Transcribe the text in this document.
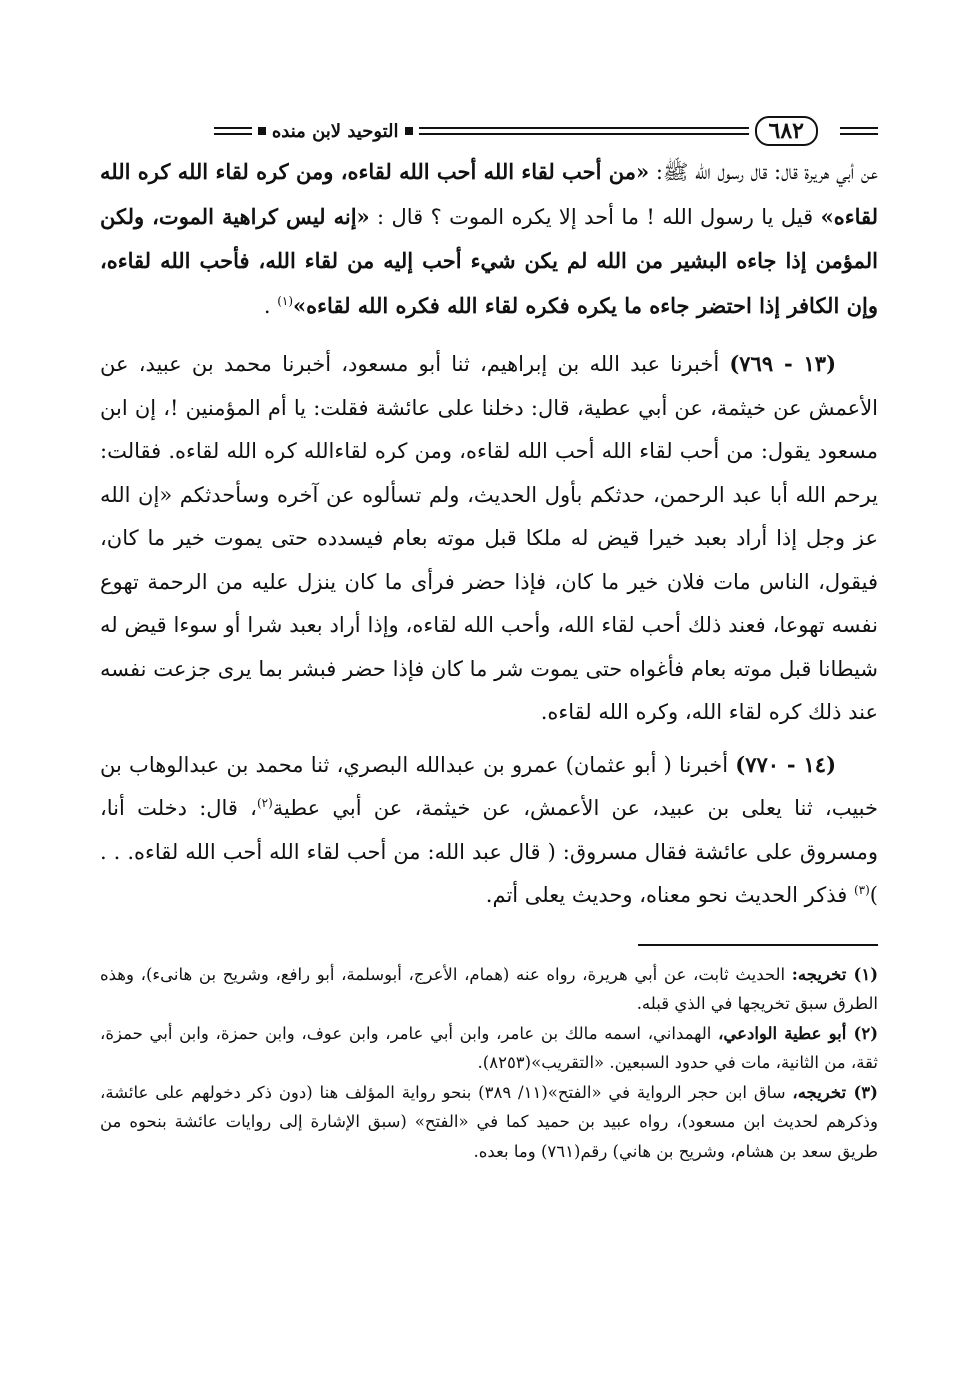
٦٨٢
التوحيد لابن منده

عن أبي هريرة قال: قال رسول الله ﷺ: «من أحب لقاء الله أحب الله لقاءه، ومن كره لقاء الله كره الله لقاءه» قيل يا رسول الله ! ما أحد إلا يكره الموت ؟ قال : «إنه ليس كراهية الموت، ولكن المؤمن إذا جاءه البشير من الله لم يكن شيء أحب إليه من لقاء الله، فأحب الله لقاءه، وإن الكافر إذا احتضر جاءه ما يكره فكره لقاء الله فكره الله لقاءه»$^{(١)}$ .

(١٣ - ٧٦٩) أخبرنا عبد الله بن إبراهيم، ثنا أبو مسعود، أخبرنا محمد بن عبيد، عن الأعمش عن خيثمة، عن أبي عطية، قال: دخلنا على عائشة فقلت: يا أم المؤمنين !، إن ابن مسعود يقول: من أحب لقاء الله أحب الله لقاءه، ومن كره لقاءالله كره الله لقاءه. فقالت: يرحم الله أبا عبد الرحمن، حدثكم بأول الحديث، ولم تسألوه عن آخره وسأحدثكم «إن الله عز وجل إذا أراد بعبد خيرا قيض له ملكا قبل موته بعام فيسدده حتى يموت خير ما كان، فيقول، الناس مات فلان خير ما كان، فإذا حضر فرأى ما كان ينزل عليه من الرحمة تهوع نفسه تهوعا، فعند ذلك أحب لقاء الله، وأحب الله لقاءه، وإذا أراد بعبد شرا أو سوءا قيض له شيطانا قبل موته بعام فأغواه حتى يموت شر ما كان فإذا حضر فبشر بما يرى جزعت نفسه عند ذلك كره لقاء الله، وكره الله لقاءه.

(١٤ - ٧٧٠) أخبرنا ( أبو عثمان) عمرو بن عبدالله البصري، ثنا محمد بن عبدالوهاب بن خبيب، ثنا يعلى بن عبيد، عن الأعمش، عن خيثمة، عن أبي عطية$^{(٢)}$، قال: دخلت أنا، ومسروق على عائشة فقال مسروق: ( قال عبد الله: من أحب لقاء الله أحب الله لقاءه. . . )$^{(٣)}$ فذكر الحديث نحو معناه، وحديث يعلى أتم.

(١) تخريجه: الحديث ثابت، عن أبي هريرة، رواه عنه (همام، الأعرج، أبوسلمة، أبو رافع، وشريح بن هانىء)، وهذه الطرق سبق تخريجها في الذي قبله.

(٢) أبو عطية الوادعي، الهمداني، اسمه مالك بن عامر، وابن أبي عامر، وابن عوف، وابن حمزة، وابن أبي حمزة، ثقة، من الثانية، مات في حدود السبعين. «التقريب»(٨٢٥٣).

(٣) تخريجه، ساق ابن حجر الرواية في «الفتح»(١١/ ٣٨٩) بنحو رواية المؤلف هنا (دون ذكر دخولهم على عائشة، وذكرهم لحديث ابن مسعود)، رواه عبيد بن حميد كما في «الفتح» (سبق الإشارة إلى روايات عائشة بنحوه من طريق سعد بن هشام، وشريح بن هاني) رقم(٧٦١) وما بعده.
